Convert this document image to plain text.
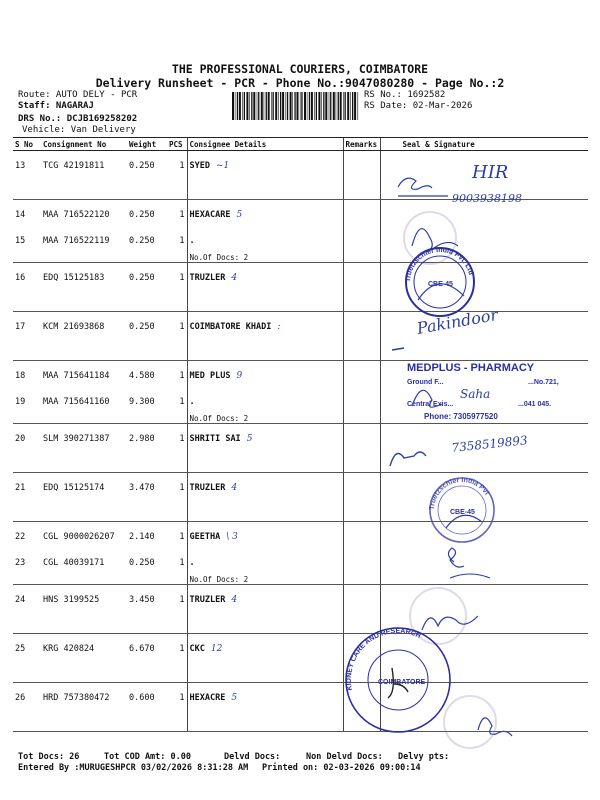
THE PROFESSIONAL COURIERS, COIMBATORE
Delivery Runsheet - PCR - Phone No.:9047080280 - Page No.:2
Route: AUTO DELY - PCR
Staff: NAGARAJ
DRS No.: DCJB169258202
Vehicle: Van Delivery
RS No.: 1692582
RS Date: 02-Mar-2026
S No	Consignment No	Weight	PCS	Consignee Details	Remarks	Seal & Signature
13	TCG 42191811	0.250	1	SYED ~1		
14	MAA 716522120	0.250	1	HEXACARE 5		
15	MAA 716522119	0.250	1	.
No.Of Docs: 2		

16	EDQ 15125183	0.250	1	TRUZLER 4		
17	KCM 21693868	0.250	1	COIMBATORE KHADI :		
18	MAA 715641184	4.580	1	MED PLUS 9		
19	MAA 715641160	9.300	1	.
No.Of Docs: 2		

20	SLM 390271387	2.980	1	SHRITI SAI 5		
21	EDQ 15125174	3.470	1	TRUZLER 4		
22	CGL 9000026207	2.140	1	GEETHA \ 3		
23	CGL 40039171	0.250	1	.
No.Of Docs: 2		

24	HNS 3199525	3.450	1	TRUZLER 4		
25	KRG 420824	6.670	1	CKC 12		
26	HRD 757380472	0.600	1	HEXACRE 5		
HIR
9003938198
Truetzschler India Pvt. Ltd
CBE-45
Pakindoor
MEDPLUS - PHARMACY
Ground F...	...No.721,
Central Exis...	...041 045.
Phone: 7305977520
Saha
7358519893
Truetzschler India Pvt
CBE-45
KIDNEY CARE AND RESEARCH
COIMBATORE
Tot Docs: 26	Tot COD Amt: 0.00	Delvd Docs:	Non Delvd Docs: Delvy pts:
Entered By :MURUGESHPCR 03/02/2026 8:31:28 AM Printed on: 02-03-2026 09:00:14
